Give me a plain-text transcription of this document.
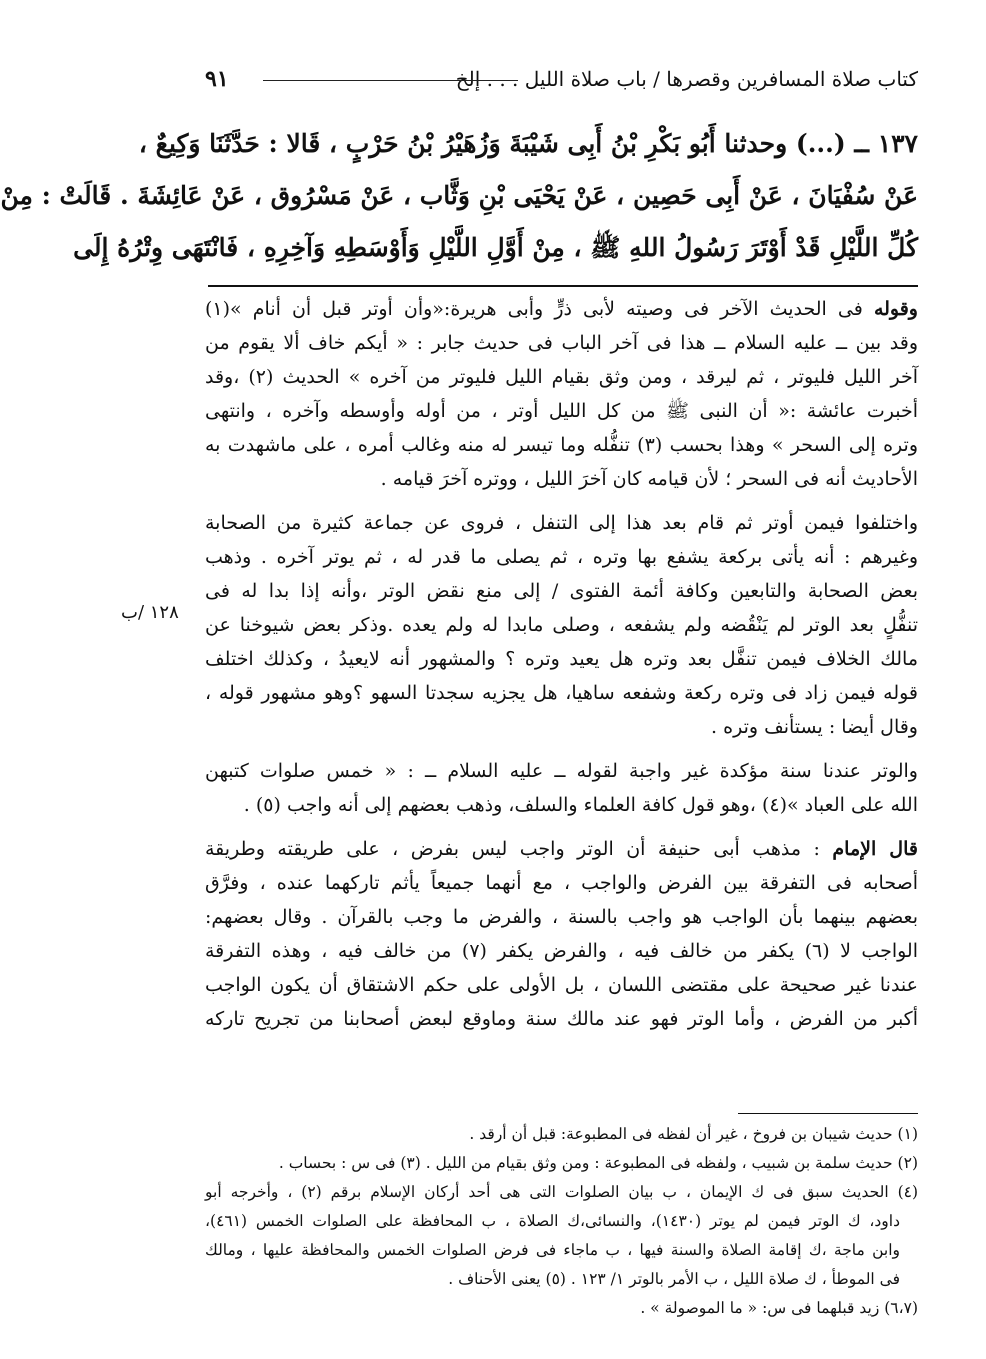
كتاب صلاة المسافرين وقصرها / باب صلاة الليل . . . إلخ
٩١
١٣٧ ــ (...) وحدثنا أَبُو بَكْرِ بْنُ أَبِى شَيْبَةَ وَزُهَيْرُ بْنُ حَرْبٍ ، قَالا : حَدَّثَنَا وَكِيعٌ ،
عَنْ سُفْيَانَ ، عَنْ أَبِى حَصِين ، عَنْ يَحْيَى بْنِ وَثَّاب ، عَنْ مَسْرُوق ، عَنْ عَائِشَةَ . قَالَتْ : مِنْ
كُلِّ اللَّيْلِ قَدْ أَوْتَرَ رَسُولُ اللهِ ﷺ ، مِنْ أَوَّلِ اللَّيْلِ وَأَوْسَطِهِ وَآخِرِهِ ، فَانْتَهَى وِتْرُهُ إِلَى
وقوله فى الحديث الآخر فى وصيته لأبى ذرٍّ وأبى هريرة:«وأن أوتر قبل أن أنام »(١)
وقد بين ــ عليه السلام ــ هذا فى آخر الباب فى حديث جابر : « أيكم خاف ألا يقوم من
آخر الليل فليوتر ، ثم ليرقد ، ومن وثق بقيام الليل فليوتر من آخره » الحديث (٢) ،وقد
أخبرت عائشة :« أن النبى ﷺ من كل الليل أوتر ، من أوله وأوسطه وآخره ، وانتهى
وتره إلى السحر » وهذا بحسب (٣) تنفُّله وما تيسر له منه وغالب أمره ، على ماشهدت به
الأحاديث أنه فى السحر ؛ لأن قيامه كان آخرَ الليل ، ووتره آخرَ قيامه .
واختلفوا فيمن أوتر ثم قام بعد هذا إلى التنفل ، فروى عن جماعة كثيرة من الصحابة
وغيرهم : أنه يأتى بركعة يشفع بها وتره ، ثم يصلى ما قدر له ، ثم يوتر آخره . وذهب
بعض الصحابة والتابعين وكافة أئمة الفتوى / إلى منع نقض الوتر ،وأنه إذا بدا له فى
تنفُّلٍ بعد الوتر لم يَنْقُضه ولم يشفعه ، وصلى مابدا له ولم يعده .وذكر بعض شيوخنا عن
مالك الخلاف فيمن تنفَّل بعد وتره هل يعيد وتره ؟ والمشهور أنه لايعيدُ ، وكذلك اختلف
قوله فيمن زاد فى وتره ركعة وشفعه ساهيا، هل يجزيه سجدتا السهو ؟وهو مشهور قوله ،
وقال أيضا : يستأنف وتره .
والوتر عندنا سنة مؤكدة غير واجبة لقوله ــ عليه السلام ــ : « خمس صلوات كتبهن
الله على العباد »(٤) ،وهو قول كافة العلماء والسلف، وذهب بعضهم إلى أنه واجب (٥) .
قال الإمام : مذهب أبى حنيفة أن الوتر واجب ليس بفرض ، على طريقته وطريقة
أصحابه فى التفرقة بين الفرض والواجب ، مع أنهما جميعاً يأثم تاركهما عنده ، وفرَّق
بعضهم بينهما بأن الواجب هو واجب بالسنة ، والفرض ما وجب بالقرآن . وقال بعضهم:
الواجب لا (٦) يكفر من خالف فيه ، والفرض يكفر (٧) من خالف فيه ، وهذه التفرقة
عندنا غير صحيحة على مقتضى اللسان ، بل الأولى على حكم الاشتقاق أن يكون الواجب
أكبر من الفرض ، وأما الوتر فهو عند مالك سنة وماوقع لبعض أصحابنا من تجريح تاركه
١٢٨ /ب
(١) حديث شيبان بن فروخ ، غير أن لفظه فى المطبوعة: قبل أن أرقد .
(٢) حديث سلمة بن شبيب ، ولفظه فى المطبوعة : ومن وثق بقيام من الليل . (٣) فى س : بحساب .
(٤) الحديث سبق فى ك الإيمان ، ب بيان الصلوات التى هى أحد أركان الإسلام برقم (٢) ، وأخرجه أبو
داود، ك الوتر فيمن لم يوتر (١٤٣٠)، والنسائى،ك الصلاة ، ب المحافظة على الصلوات الخمس (٤٦١)،
وابن ماجة ،ك إقامة الصلاة والسنة فيها ، ب ماجاء فى فرض الصلوات الخمس والمحافظة عليها ، ومالك
فى الموطأ ، ك صلاة الليل ، ب الأمر بالوتر ١/ ١٢٣ . (٥) يعنى الأحناف .
(٦،٧) زيد قبلهما فى س: « ما الموصولة » .
